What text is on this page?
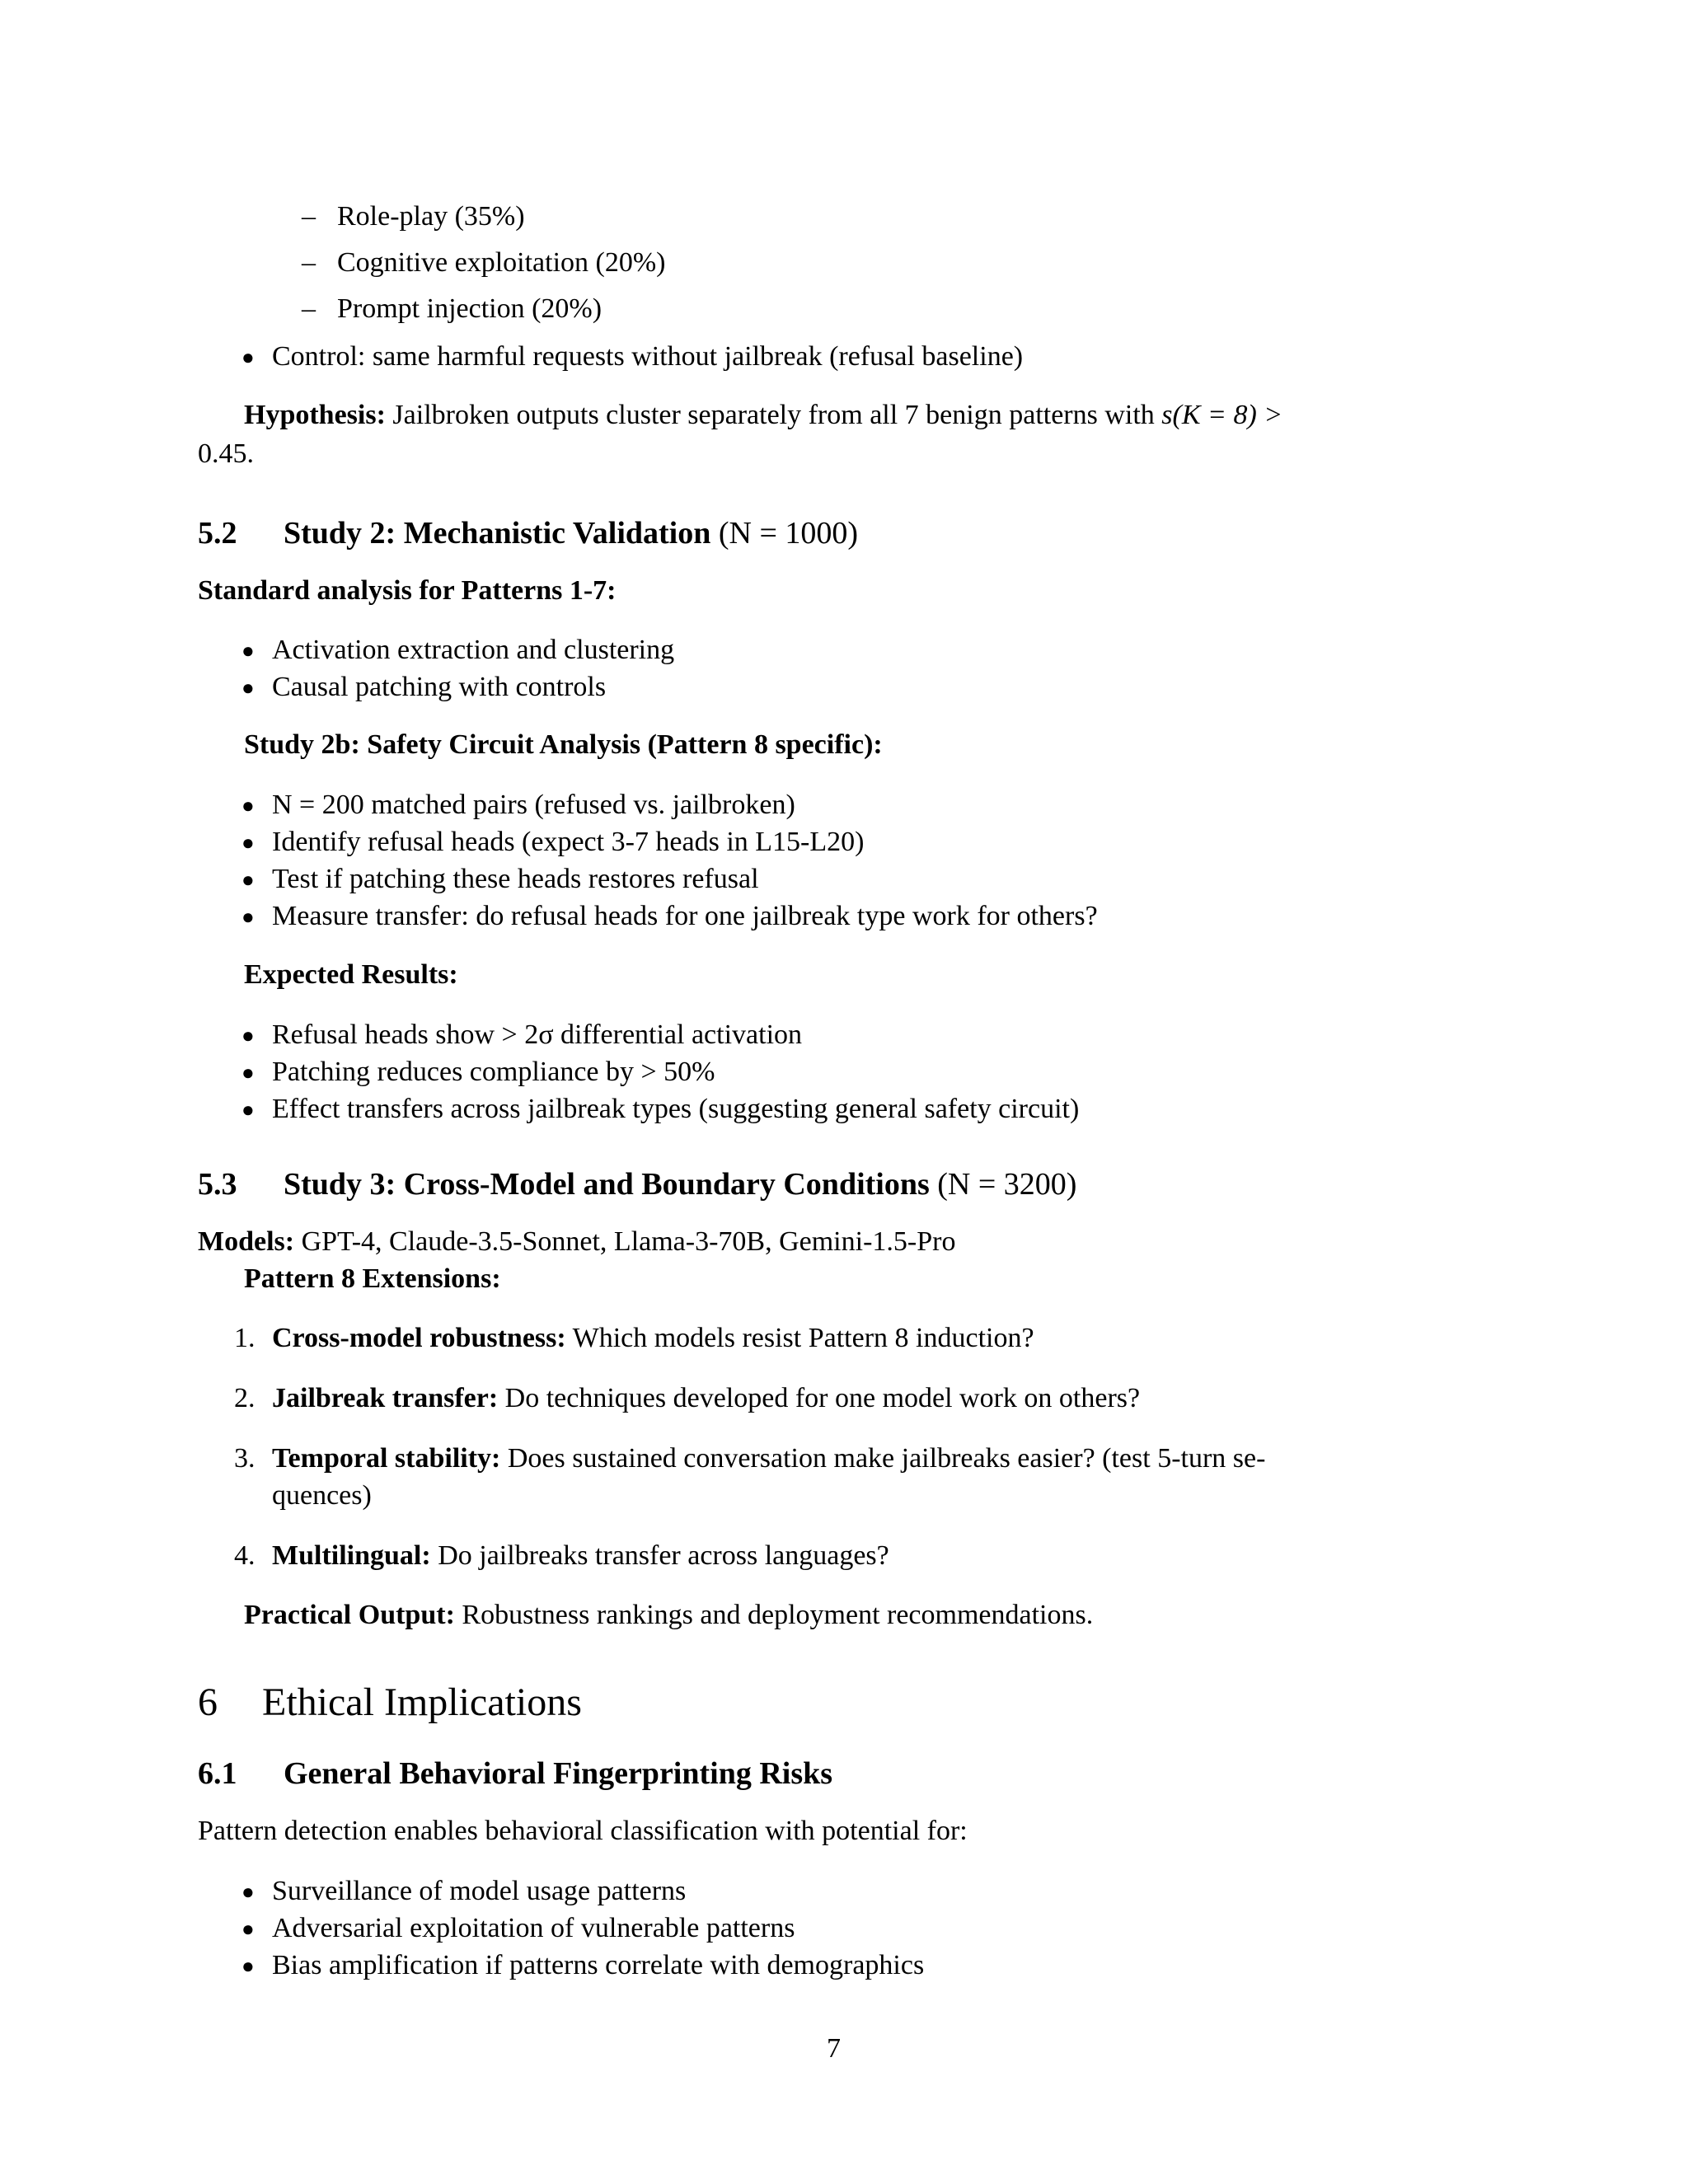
– Role-play (35%)

– Cognitive exploitation (20%)

– Prompt injection (20%)

● Control: same harmful requests without jailbreak (refusal baseline)

Hypothesis: Jailbroken outputs cluster separately from all 7 benign patterns with s(K = 8) >

0.45.

5.2 Study 2: Mechanistic Validation (N = 1000)

Standard analysis for Patterns 1-7:

● Activation extraction and clustering

● Causal patching with controls

Study 2b: Safety Circuit Analysis (Pattern 8 specific):

● N = 200 matched pairs (refused vs. jailbroken)

● Identify refusal heads (expect 3-7 heads in L15-L20)

● Test if patching these heads restores refusal

● Measure transfer: do refusal heads for one jailbreak type work for others?

Expected Results:

● Refusal heads show > 2σ differential activation

● Patching reduces compliance by > 50%

● Effect transfers across jailbreak types (suggesting general safety circuit)

5.3 Study 3: Cross-Model and Boundary Conditions (N = 3200)

Models: GPT-4, Claude-3.5-Sonnet, Llama-3-70B, Gemini-1.5-Pro

Pattern 8 Extensions:

1. Cross-model robustness: Which models resist Pattern 8 induction?

2. Jailbreak transfer: Do techniques developed for one model work on others?

3. Temporal stability: Does sustained conversation make jailbreaks easier? (test 5-turn se-

quences)

4. Multilingual: Do jailbreaks transfer across languages?

Practical Output: Robustness rankings and deployment recommendations.

6 Ethical Implications

6.1 General Behavioral Fingerprinting Risks

Pattern detection enables behavioral classification with potential for:

● Surveillance of model usage patterns

● Adversarial exploitation of vulnerable patterns

● Bias amplification if patterns correlate with demographics

7
